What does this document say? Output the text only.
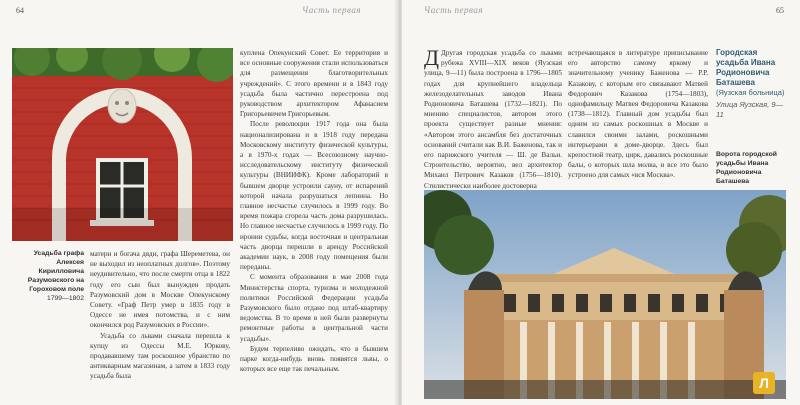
64	Часть первая
Усадьба графа Алексея Кирилловича Разумовского на Гороховом поле
1799—1802

матери и богача дяди, графа Шереметева, он не выходил из неоплатных долгов». Поэтому неудивительно, что после смерти отца в 1822 году его сын был вынужден продать Разумовский дом в Москве Опекунскому Совету. «Граф Петр умер в 1835 году в Одессе не имея потомства, и с ним окончился род Разумовских в России».

Усадьба со львами сначала перешла к купцу из Одессы М.Е. Юркову, продававшему там роскошное убранство по антикварным магазинам, а затем в 1833 году усадьба была

куплена Опекунский Совет. Ее территория и все основные сооружения стали использоваться для размещения благотворительных учреждений». С этого времени и в 1843 году усадьба была частично перестроена под руководством архитектором Афанасием Григорьевичем Григорьевым.

После революции 1917 года она была национализирована и в 1918 году передана Московскому институту физической культуры, а в 1970-х годах — Всесоюзному научно-исследовательскому институту физической культуры (ВНИИФК). Кроме лабораторий в бывшем дворце устроили сауну, от испарений которой начала разрушаться лепнина. Но главное несчастье случилось в 1999 году. Во время пожара сгорела часть дома разрушилась. Но главное несчастье случилось в 1999 году. По иронии судьбы, когда восточная и центральная часть дворца перешли в аренду Российской академии наук, в 2008 году помещения были переданы.

С момента образования в мае 2008 года Министерства спорта, туризма и молодежной политики Российской Федерации усадьба Разумовского было отдано под штаб-квартиру ведомства. В то время в ней были развернуты ремонтные работы в центральной части усадьбы».

Будем терпеливо ожидать, что в бывшем парке когда-нибудь вновь появятся львы, о которых все еще так печальным.

65
Часть первая

Д Другая городская усадьба со львами рубежа XVIII—XIX веков (Яузская улица, 9—11) была построена в 1796—1805 годах для крупнейшего владельца железоделательных заводов Ивана Родионовича Баташева (1732—1821). По мнению специалистов, автором этого проекта существует разные мнения: «Автором этого ансамбля без достаточных оснований считали как В.И. Баженова, так и его парижского учителя — Ш. де Вальи. Строительство, вероятно, вел архитектор Михаил Петрович Казаков (1756—1810). Стилистически наиболее достоверна

встречающаяся в литературе приписывание его авторство самому яркому и значительному ученику Баженова — Р.Р. Казакову, с которым его связывают Матвей Федорович Казакова (1754—1803), однофамильцу Матвея Федоровича Казакова (1738—1812). Главный дом усадьбы был одним из самых роскошных в Москве и славился своими залами, роскошными интерьерами в доме-дворце. Здесь был крепостной театр, цирк, давались роскошные балы, о которых шла молва, и все это было устроено для самых «вся Москва».

Городская усадьба Ивана Родионовича Баташева
(Яузская больница)
Улица Яузская, 9—11
Ворота городской усадьбы Ивана Родионовича Баташева
Л
